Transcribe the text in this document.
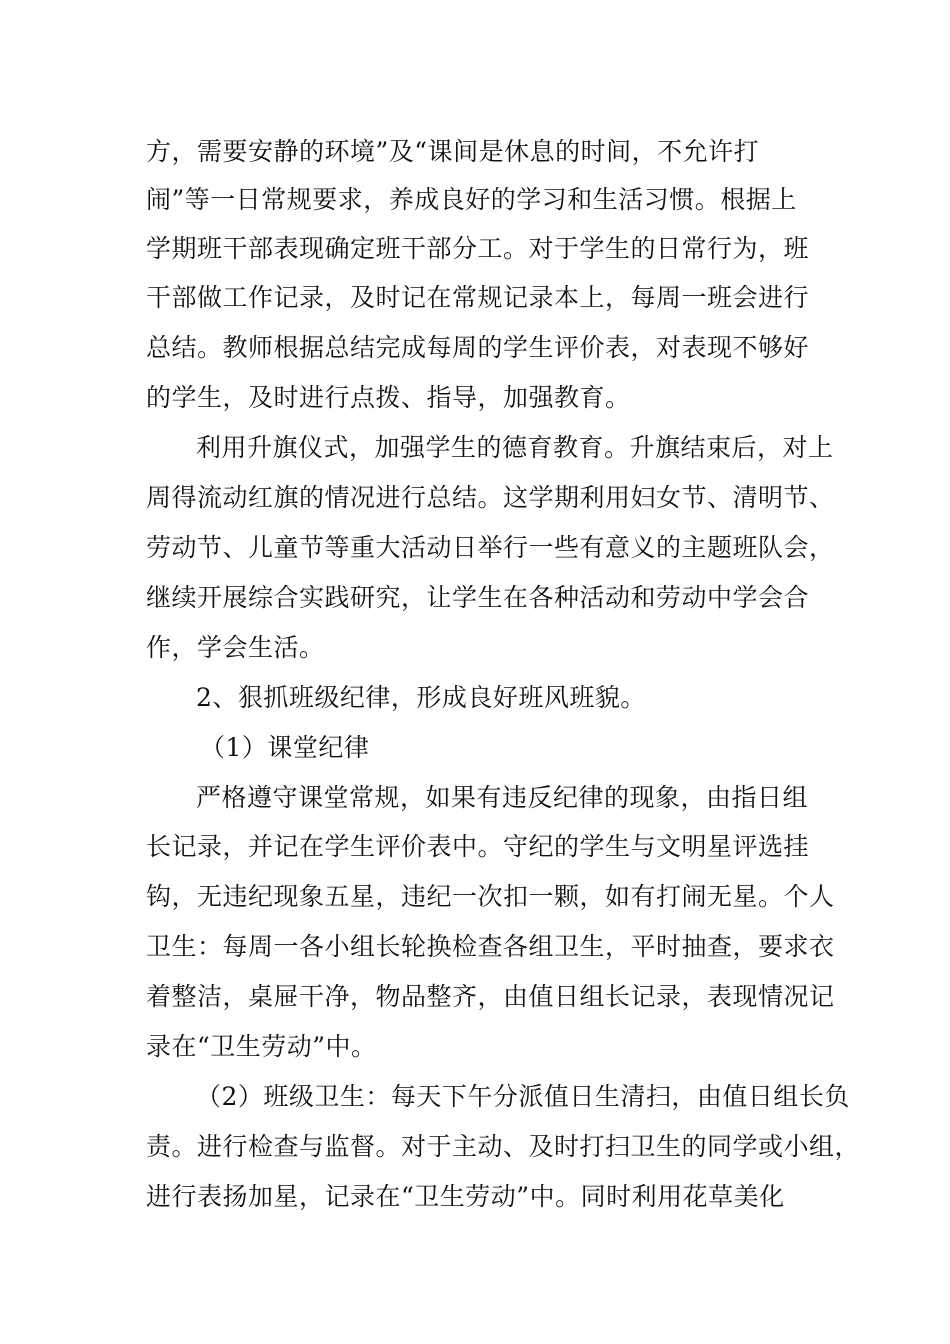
方，需要安静的环境”及“课间是休息的时间，不允许打
闹”等一日常规要求，养成良好的学习和生活习惯。根据上
学期班干部表现确定班干部分工。对于学生的日常行为，班
干部做工作记录，及时记在常规记录本上，每周一班会进行
总结。教师根据总结完成每周的学生评价表，对表现不够好
的学生，及时进行点拨、指导，加强教育。
利用升旗仪式，加强学生的德育教育。升旗结束后，对上
周得流动红旗的情况进行总结。这学期利用妇女节、清明节、
劳动节、儿童节等重大活动日举行一些有意义的主题班队会，
继续开展综合实践研究，让学生在各种活动和劳动中学会合
作，学会生活。
2、狠抓班级纪律，形成良好班风班貌。
（1）课堂纪律
严格遵守课堂常规，如果有违反纪律的现象，由指日组
长记录，并记在学生评价表中。守纪的学生与文明星评选挂
钩，无违纪现象五星，违纪一次扣一颗，如有打闹无星。个人
卫生：每周一各小组长轮换检查各组卫生，平时抽查，要求衣
着整洁，桌屉干净，物品整齐，由值日组长记录，表现情况记
录在“卫生劳动”中。
（2）班级卫生：每天下午分派值日生清扫，由值日组长负
责。进行检查与监督。对于主动、及时打扫卫生的同学或小组，
进行表扬加星，记录在“卫生劳动”中。同时利用花草美化
